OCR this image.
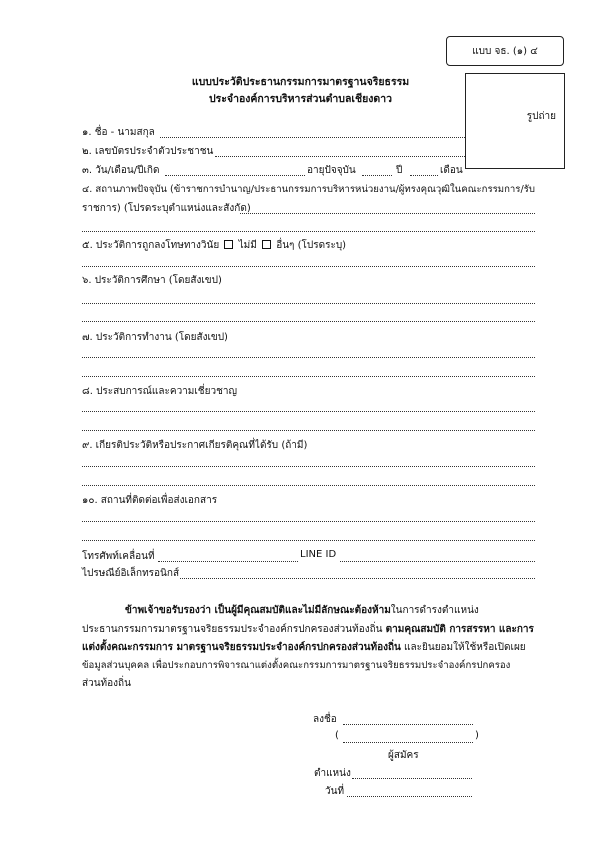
แบบ จธ. (๑) ๔
แบบประวัติประธานกรรมการมาตรฐานจริยธรรม
ประจำองค์การบริหารส่วนตำบลเชียงดาว
รูปถ่าย
๑. ชื่อ - นามสกุล
๒. เลขบัตรประจำตัวประชาชน
๓. วัน/เดือน/ปีเกิด	อายุปัจจุบัน	ปี	เดือน
๔. สถานภาพปัจจุบัน (ข้าราชการบำนาญ/ประธานกรรมการบริหารหน่วยงาน/ผู้ทรงคุณวุฒิในคณะกรรมการ/รับ
ราชการ) (โปรดระบุตำแหน่งและสังกัด)
๕. ประวัติการถูกลงโทษทางวินัย ไม่มี อื่นๆ (โปรดระบุ)
๖. ประวัติการศึกษา (โดยสังเขป)
๗. ประวัติการทำงาน (โดยสังเขป)
๘. ประสบการณ์และความเชี่ยวชาญ
๙. เกียรติประวัติหรือประกาศเกียรติคุณที่ได้รับ (ถ้ามี)
๑๐. สถานที่ติดต่อเพื่อส่งเอกสาร
โทรศัพท์เคลื่อนที่	LINE ID
ไปรษณีย์อิเล็กทรอนิกส์
ข้าพเจ้าขอรับรองว่า เป็นผู้มีคุณสมบัติและไม่มีลักษณะต้องห้ามในการดำรงตำแหน่ง
ประธานกรรมการมาตรฐานจริยธรรมประจำองค์กรปกครองส่วนท้องถิ่น ตามคุณสมบัติ การสรรหา และการ
แต่งตั้งคณะกรรมการ มาตรฐานจริยธรรมประจำองค์กรปกครองส่วนท้องถิ่น และยินยอมให้ใช้หรือเปิดเผย
ข้อมูลส่วนบุคคล เพื่อประกอบการพิจารณาแต่งตั้งคณะกรรมการมาตรฐานจริยธรรมประจำองค์กรปกครอง
ส่วนท้องถิ่น
ลงชื่อ
(	)
ผู้สมัคร
ตำแหน่ง
วันที่
